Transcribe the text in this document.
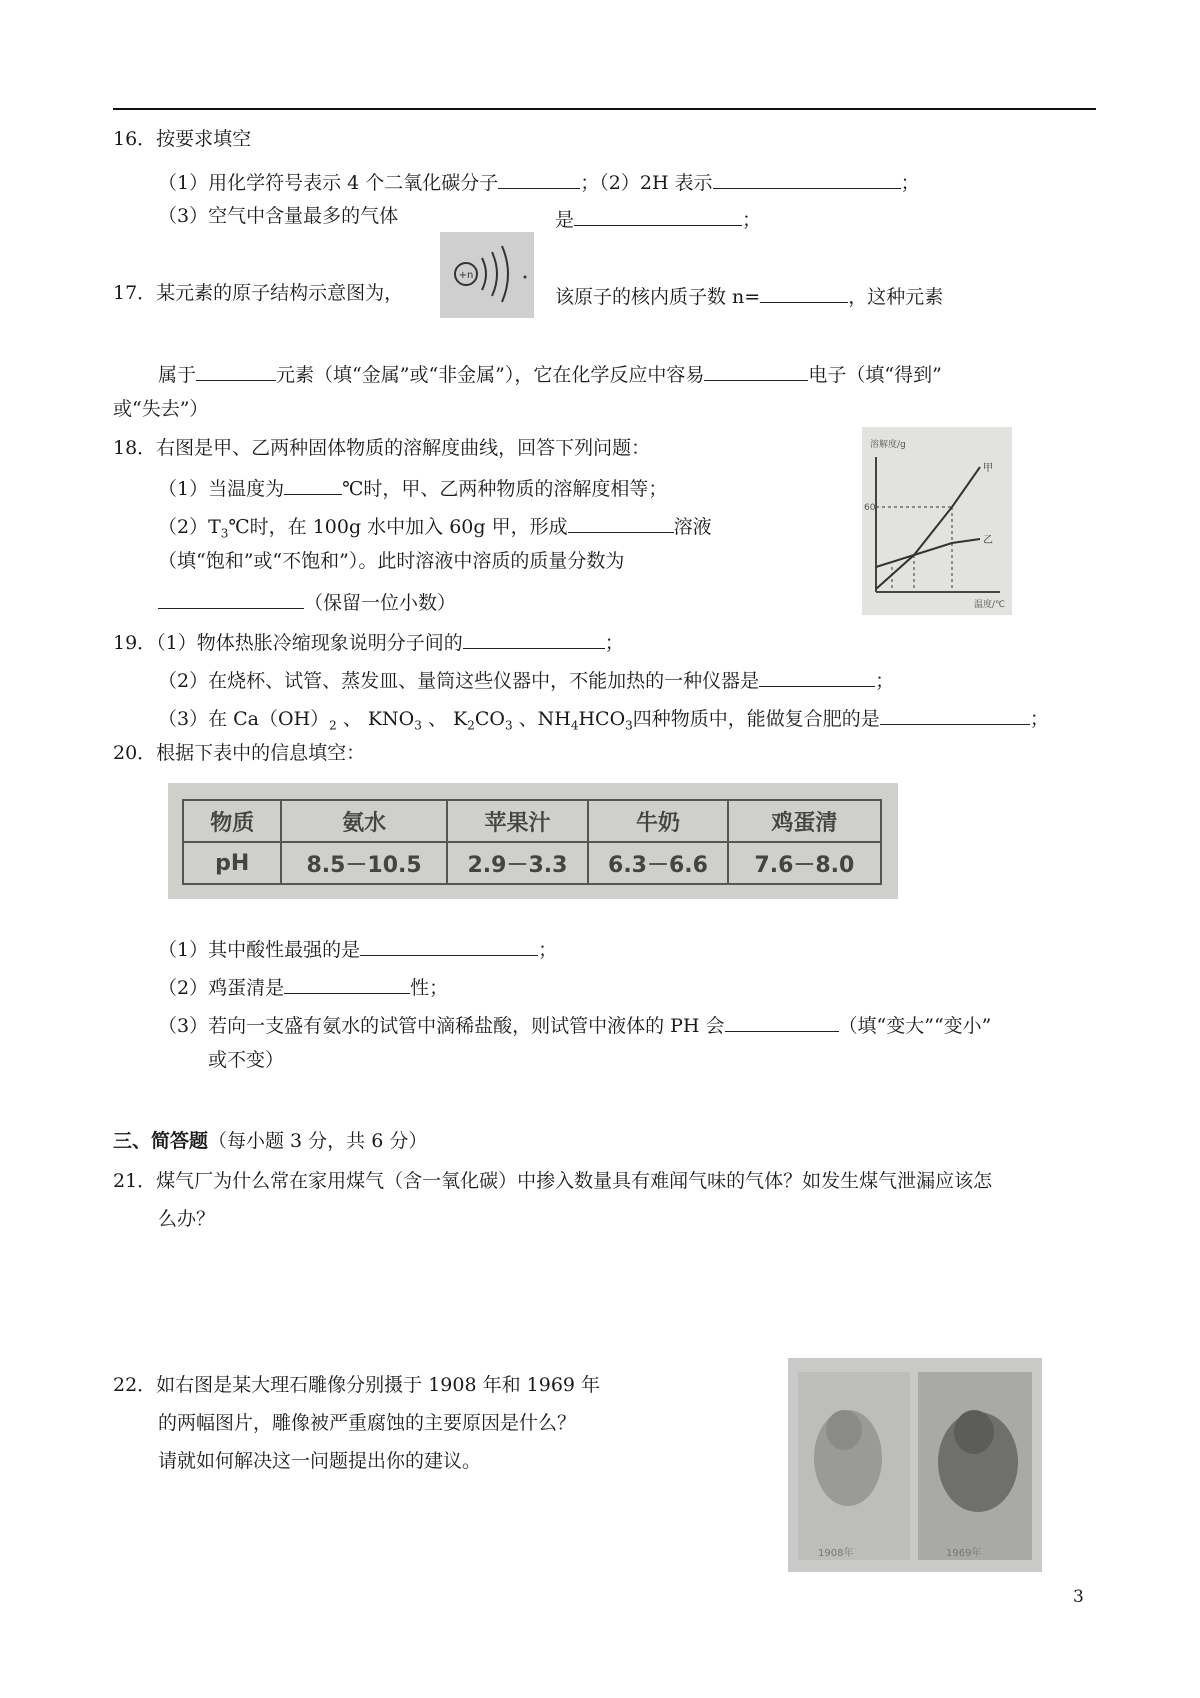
16．按要求填空
（1）用化学符号表示 4 个二氧化碳分子	；（2）2H 表示	；
（3）空气中含量最多的气体	是	；
17．某元素的原子结构示意图为，
+n
该原子的核内质子数 n=	，这种元素
属于	元素（填“金属”或“非金属”），它在化学反应中容易	电子（填“得到”
或“失去”）
18．右图是甲、乙两种固体物质的溶解度曲线，回答下列问题：
（1）当温度为	℃时，甲、乙两种物质的溶解度相等；
$(2)T_3℃$时，在 100g 水中加入 60g 甲，形成	溶液
（填“饱和”或“不饱和”）。此时溶液中溶质的质量分数为
（保留一位小数）
溶解度/g
温度/℃
60
甲
乙
19．（1）物体热胀冷缩现象说明分子间的	；
（2）在烧杯、试管、蒸发皿、量筒这些仪器中，不能加热的一种仪器是	；
（3）在 $Ca(OH)_2$ 、 $KNO_3$ 、 $K_2CO_3$ 、$NH_4HCO_3$四种物质中，能做复合肥的是	；
20．根据下表中的信息填空：
物质	氨水	苹果汁	牛奶	鸡蛋清
pH	8.5－10.5	2.9－3.3	6.3－6.6	7.6－8.0
（1）其中酸性最强的是	；
（2）鸡蛋清是	性；
（3）若向一支盛有氨水的试管中滴稀盐酸，则试管中液体的 PH 会	（填“变大”“变小”
或不变）
三、简答题（每小题 3 分，共 6 分）
21．煤气厂为什么常在家用煤气（含一氧化碳）中掺入数量具有难闻气味的气体？如发生煤气泄漏应该怎
么办？
22．如右图是某大理石雕像分别摄于 1908 年和 1969 年
的两幅图片，雕像被严重腐蚀的主要原因是什么？
请就如何解决这一问题提出你的建议。
1908年	1969年
3
